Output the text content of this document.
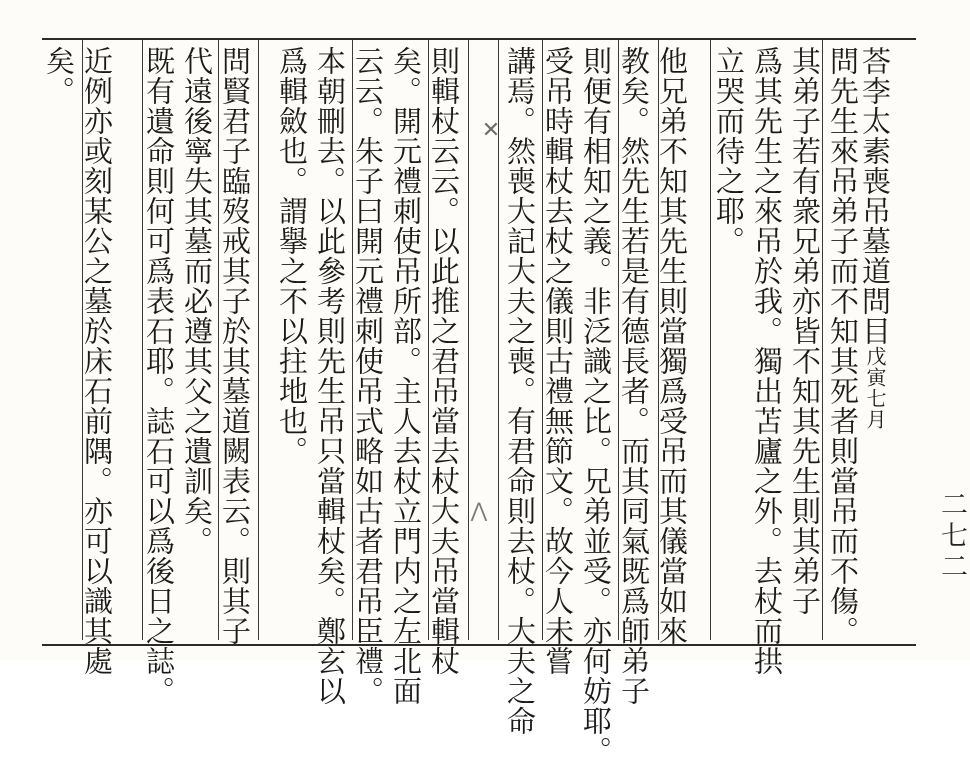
✕
⋀
荅李太素喪吊墓道問目戊寅七月
問先生來吊弟子而不知其死者則當吊而不傷。
其弟子若有衆兄弟亦皆不知其先生則其弟子
爲其先生之來吊於我。獨出苫廬之外。去杖而拱
立哭而待之耶。
他兄弟不知其先生則當獨爲受吊而其儀當如來
教矣。然先生若是有德長者。而其同氣既爲師弟子
則便有相知之義。非泛識之比。兄弟並受。亦何妨耶。
受吊時輯杖去杖之儀則古禮無節文。故今人未嘗
講焉。然喪大記大夫之喪。有君命則去杖。大夫之命
則輯杖云云。以此推之君吊當去杖大夫吊當輯杖
矣。開元禮刺使吊所部。主人去杖立門内之左北面
云云。朱子曰開元禮刺使吊式略如古者君吊臣禮。
本朝刪去。以此參考則先生吊只當輯杖矣。鄭玄以
爲輯斂也。謂擧之不以拄地也。
問賢君子臨歿戒其子於其墓道闕表云。則其子
代遠後寧失其墓而必遵其父之遺訓矣。
既有遺命則何可爲表石耶。誌石可以爲後日之誌。
近例亦或刻某公之墓於床石前隅。亦可以識其處
矣。
二七二
